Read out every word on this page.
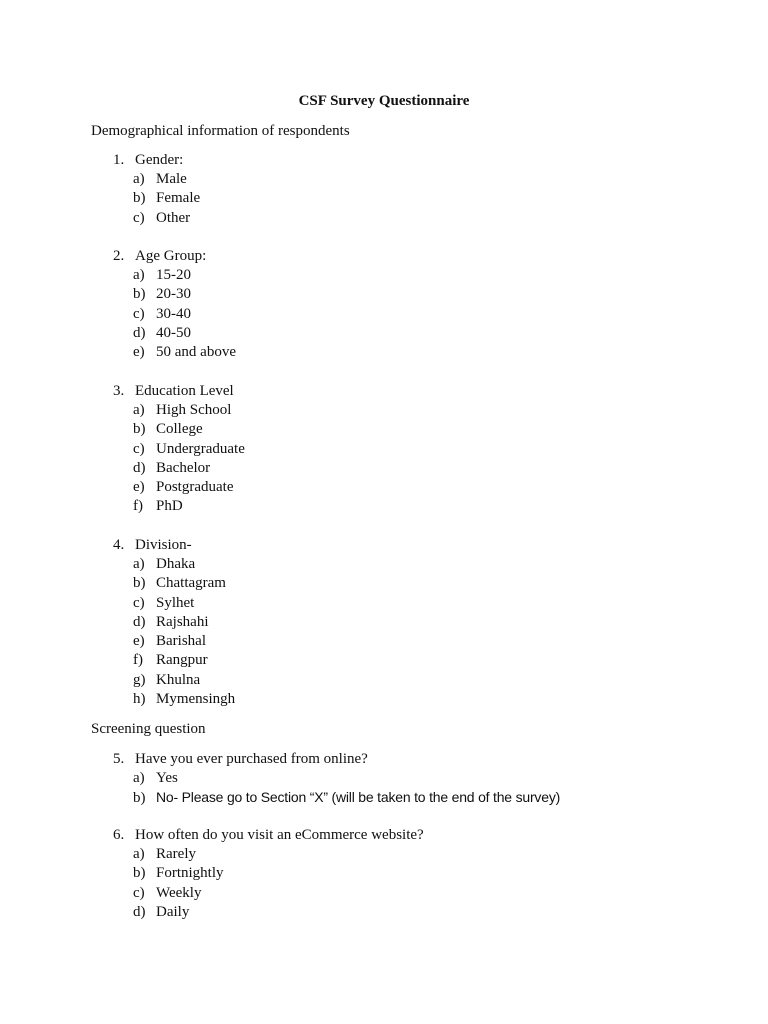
CSF Survey Questionnaire
Demographical information of respondents
1. Gender:
a) Male
b) Female
c) Other
2. Age Group:
a) 15-20
b) 20-30
c) 30-40
d) 40-50
e) 50 and above
3. Education Level
a) High School
b) College
c) Undergraduate
d) Bachelor
e) Postgraduate
f) PhD
4. Division-
a) Dhaka
b) Chattagram
c) Sylhet
d) Rajshahi
e) Barishal
f) Rangpur
g) Khulna
h) Mymensingh
Screening question
5. Have you ever purchased from online?
a) Yes
b) No- Please go to Section “X” (will be taken to the end of the survey)
6. How often do you visit an eCommerce website?
a) Rarely
b) Fortnightly
c) Weekly
d) Daily
